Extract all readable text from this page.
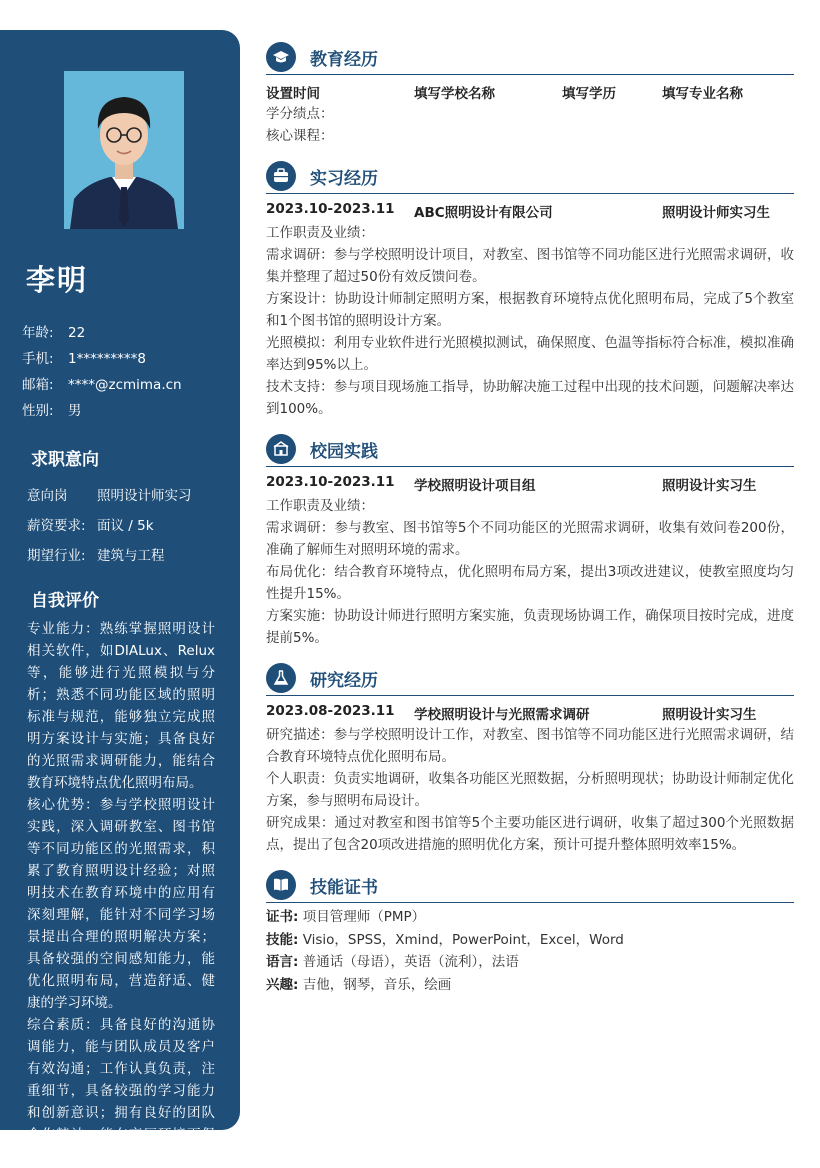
李明
年龄: 22
手机: 1*********8
邮箱: ****@zcmima.cn
性别: 男
求职意向
意向岗 照明设计师实习
薪资要求: 面议 / 5k
期望行业: 建筑与工程
自我评价

专业能力：熟练掌握照明设计相关软件，如DIALux、Relux等，能够进行光照模拟与分析；熟悉不同功能区域的照明标准与规范，能够独立完成照明方案设计与实施；具备良好的光照需求调研能力，能结合教育环境特点优化照明布局。

核心优势：参与学校照明设计实践，深入调研教室、图书馆等不同功能区的光照需求，积累了教育照明设计经验；对照明技术在教育环境中的应用有深刻理解，能针对不同学习场景提出合理的照明解决方案；具备较强的空间感知能力，能优化照明布局，营造舒适、健康的学习环境。

综合素质：具备良好的沟通协调能力，能与团队成员及客户有效沟通；工作认真负责，注重细节，具备较强的学习能力和创新意识；拥有良好的团队合作精神，能在高压环境下保持高效工作。

教育经历
设置时间	填写学校名称	填写学历	填写专业名称

学分绩点：

核心课程：

实习经历
2023.10-2023.11 ABC照明设计有限公司	照明设计师实习生

工作职责及业绩：

需求调研：参与学校照明设计项目，对教室、图书馆等不同功能区进行光照需求调研，收集并整理了超过50份有效反馈问卷。

方案设计：协助设计师制定照明方案，根据教育环境特点优化照明布局，完成了5个教室和1个图书馆的照明设计方案。

光照模拟：利用专业软件进行光照模拟测试，确保照度、色温等指标符合标准，模拟准确率达到95%以上。

技术支持：参与项目现场施工指导，协助解决施工过程中出现的技术问题，问题解决率达到100%。

校园实践
2023.10-2023.11 学校照明设计项目组	照明设计实习生

工作职责及业绩：

需求调研：参与教室、图书馆等5个不同功能区的光照需求调研，收集有效问卷200份，准确了解师生对照明环境的需求。

布局优化：结合教育环境特点，优化照明布局方案，提出3项改进建议，使教室照度均匀性提升15%。

方案实施：协助设计师进行照明方案实施，负责现场协调工作，确保项目按时完成，进度提前5%。

研究经历
2023.08-2023.11 学校照明设计与光照需求调研	照明设计实习生

研究描述：参与学校照明设计工作，对教室、图书馆等不同功能区进行光照需求调研，结合教育环境特点优化照明布局。

个人职责：负责实地调研，收集各功能区光照数据，分析照明现状；协助设计师制定优化方案，参与照明布局设计。

研究成果：通过对教室和图书馆等5个主要功能区进行调研，收集了超过300个光照数据点，提出了包含20项改进措施的照明优化方案，预计可提升整体照明效率15%。

技能证书
证书: 项目管理师（PMP）
技能: Visio，SPSS，Xmind，PowerPoint，Excel，Word
语言: 普通话（母语），英语（流利），法语
兴趣: 吉他，钢琴，音乐，绘画
